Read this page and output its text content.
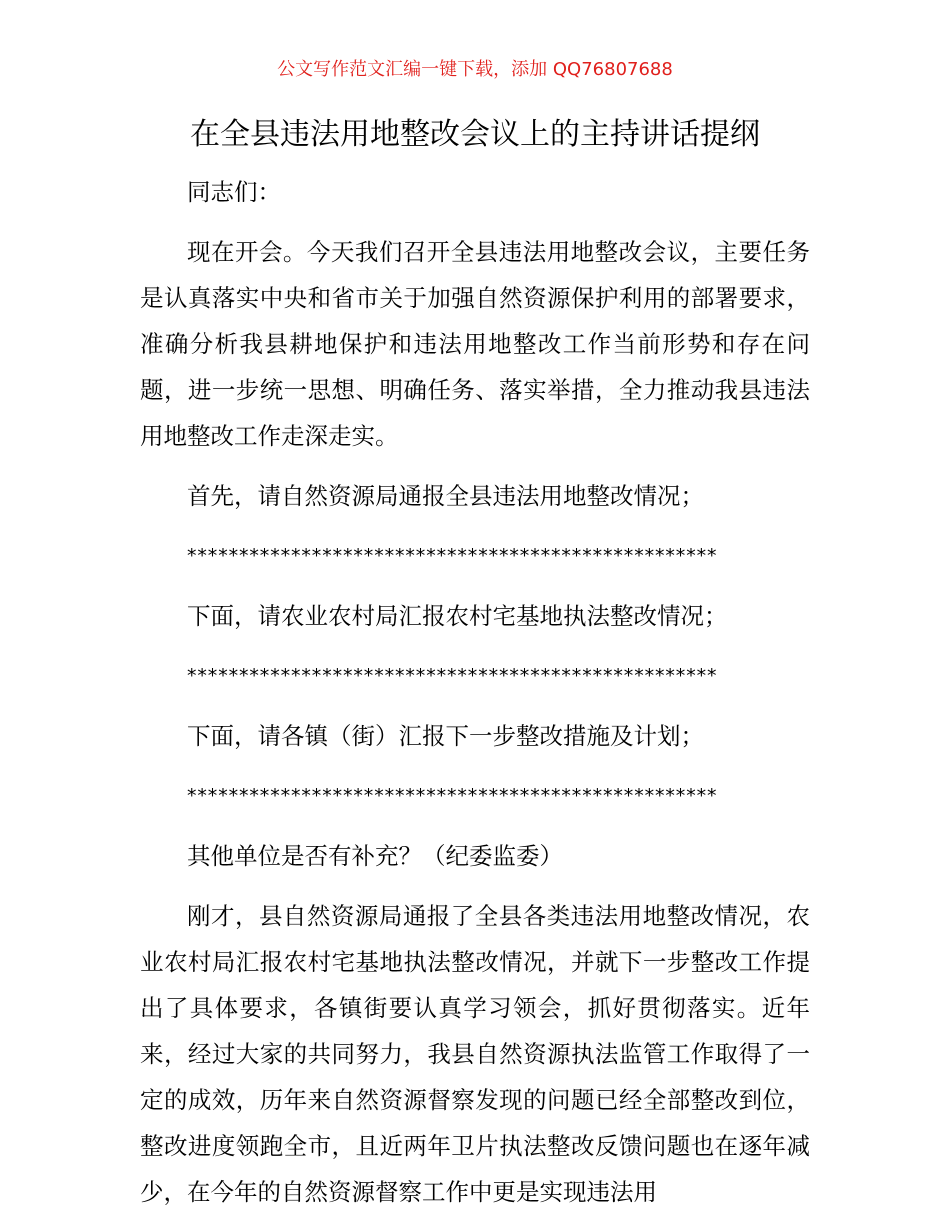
公文写作范文汇编一键下载，添加 QQ76807688
在全县违法用地整改会议上的主持讲话提纲
同志们：
现在开会。今天我们召开全县违法用地整改会议，主要任务是认真落实中央和省市关于加强自然资源保护利用的部署要求，准确分析我县耕地保护和违法用地整改工作当前形势和存在问题，进一步统一思想、明确任务、落实举措，全力推动我县违法用地整改工作走深走实。
首先，请自然资源局通报全县违法用地整改情况；
***************************************************
下面，请农业农村局汇报农村宅基地执法整改情况；
***************************************************
下面，请各镇（街）汇报下一步整改措施及计划；
***************************************************
其他单位是否有补充？（纪委监委）
刚才，县自然资源局通报了全县各类违法用地整改情况，农业农村局汇报农村宅基地执法整改情况，并就下一步整改工作提出了具体要求，各镇街要认真学习领会，抓好贯彻落实。近年来，经过大家的共同努力，我县自然资源执法监管工作取得了一定的成效，历年来自然资源督察发现的问题已经全部整改到位，整改进度领跑全市，且近两年卫片执法整改反馈问题也在逐年减少，在今年的自然资源督察工作中更是实现违法用
